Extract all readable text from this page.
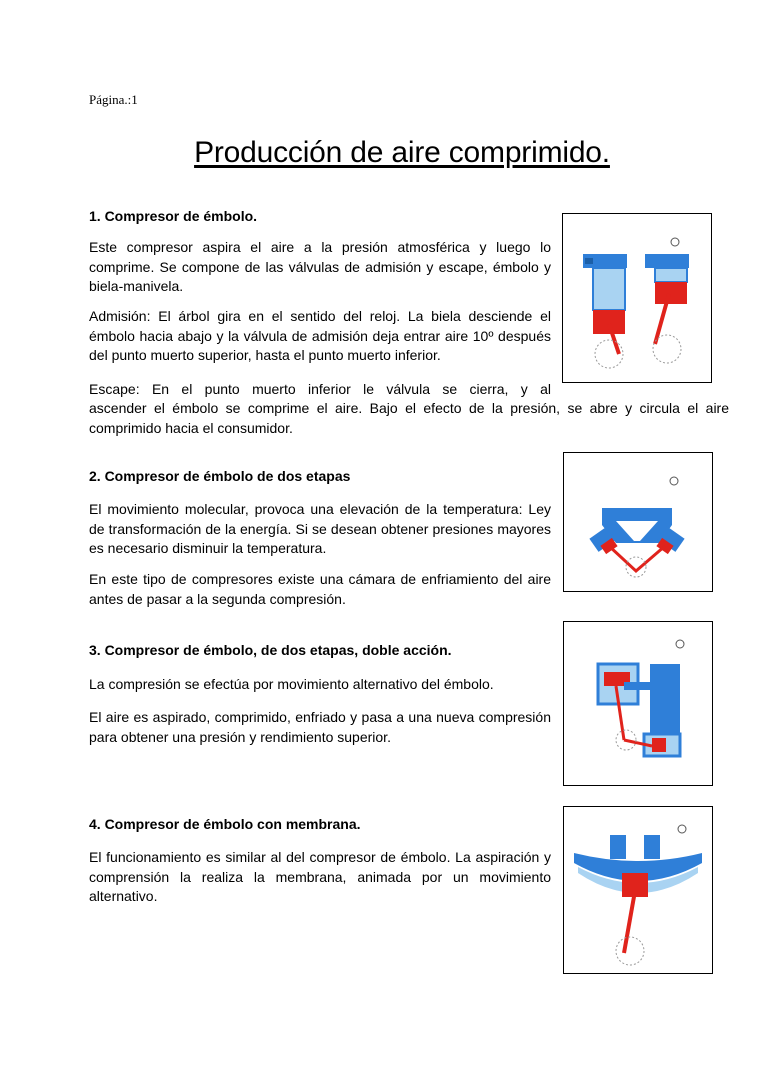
Página.:1
Producción de aire comprimido.
1. Compresor de émbolo.
Este compresor aspira el aire a la presión atmosférica y luego lo comprime. Se compone de las válvulas de admisión y escape, émbolo y biela-manivela.
Admisión: El árbol gira en el sentido del reloj. La biela desciende el émbolo hacia abajo y la válvula de admisión deja entrar aire 10º después del punto muerto superior, hasta el punto muerto inferior.
Escape: En el punto muerto inferior le válvula se cierra, y al
ascender el émbolo se comprime el aire. Bajo el efecto de la presión, se abre y circula el aire comprimido hacia el consumidor.
2. Compresor de émbolo de dos etapas
El movimiento molecular, provoca una elevación de la temperatura: Ley de transformación de la energía. Si se desean obtener presiones mayores es necesario disminuir la temperatura.
En este tipo de compresores existe una cámara de enfriamiento del aire antes de pasar a la segunda compresión.
3. Compresor de émbolo, de dos etapas, doble acción.
La compresión se efectúa por movimiento alternativo del émbolo.
El aire es aspirado, comprimido, enfriado y pasa a una nueva compresión para obtener una presión y rendimiento superior.
4. Compresor de émbolo con membrana.
El funcionamiento es similar al del compresor de émbolo. La aspiración y comprensión la realiza la membrana, animada por un movimiento alternativo.
